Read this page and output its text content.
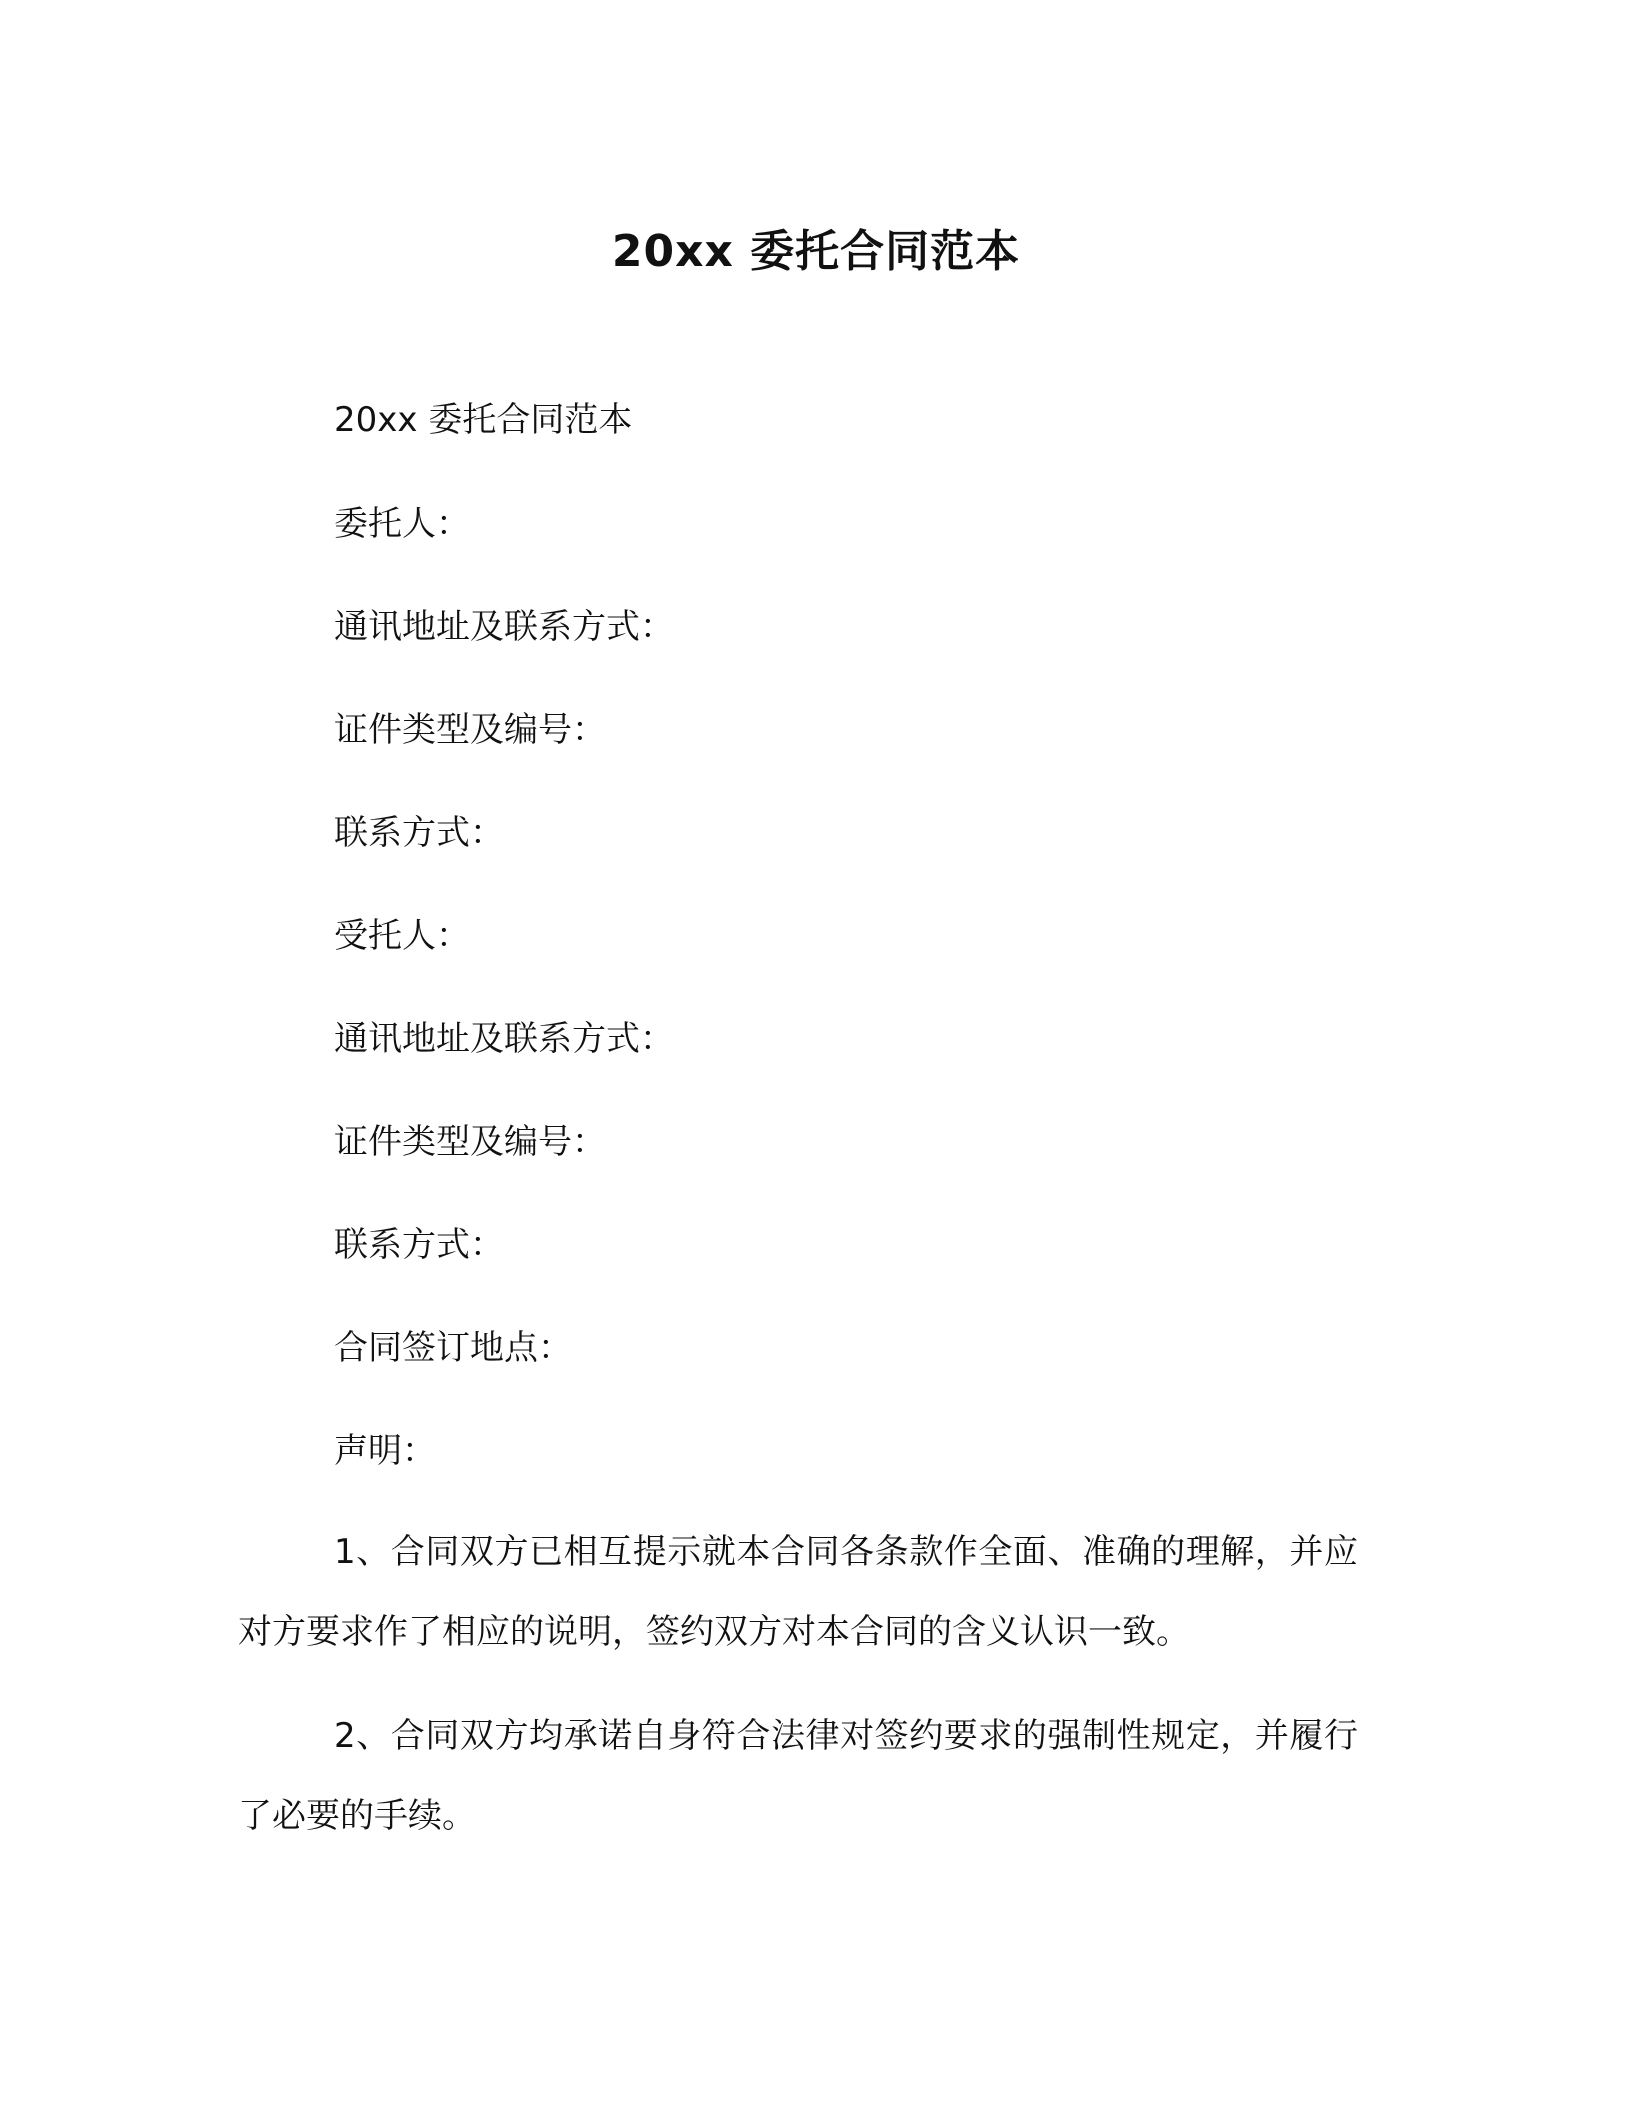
20xx 委托合同范本
20xx 委托合同范本
委托人：
通讯地址及联系方式：
证件类型及编号：
联系方式：
受托人：
通讯地址及联系方式：
证件类型及编号：
联系方式：
合同签订地点：
声明：
1、合同双方已相互提示就本合同各条款作全面、准确的理解，并应对方要求作了相应的说明，签约双方对本合同的含义认识一致。
2、合同双方均承诺自身符合法律对签约要求的强制性规定，并履行了必要的手续。
